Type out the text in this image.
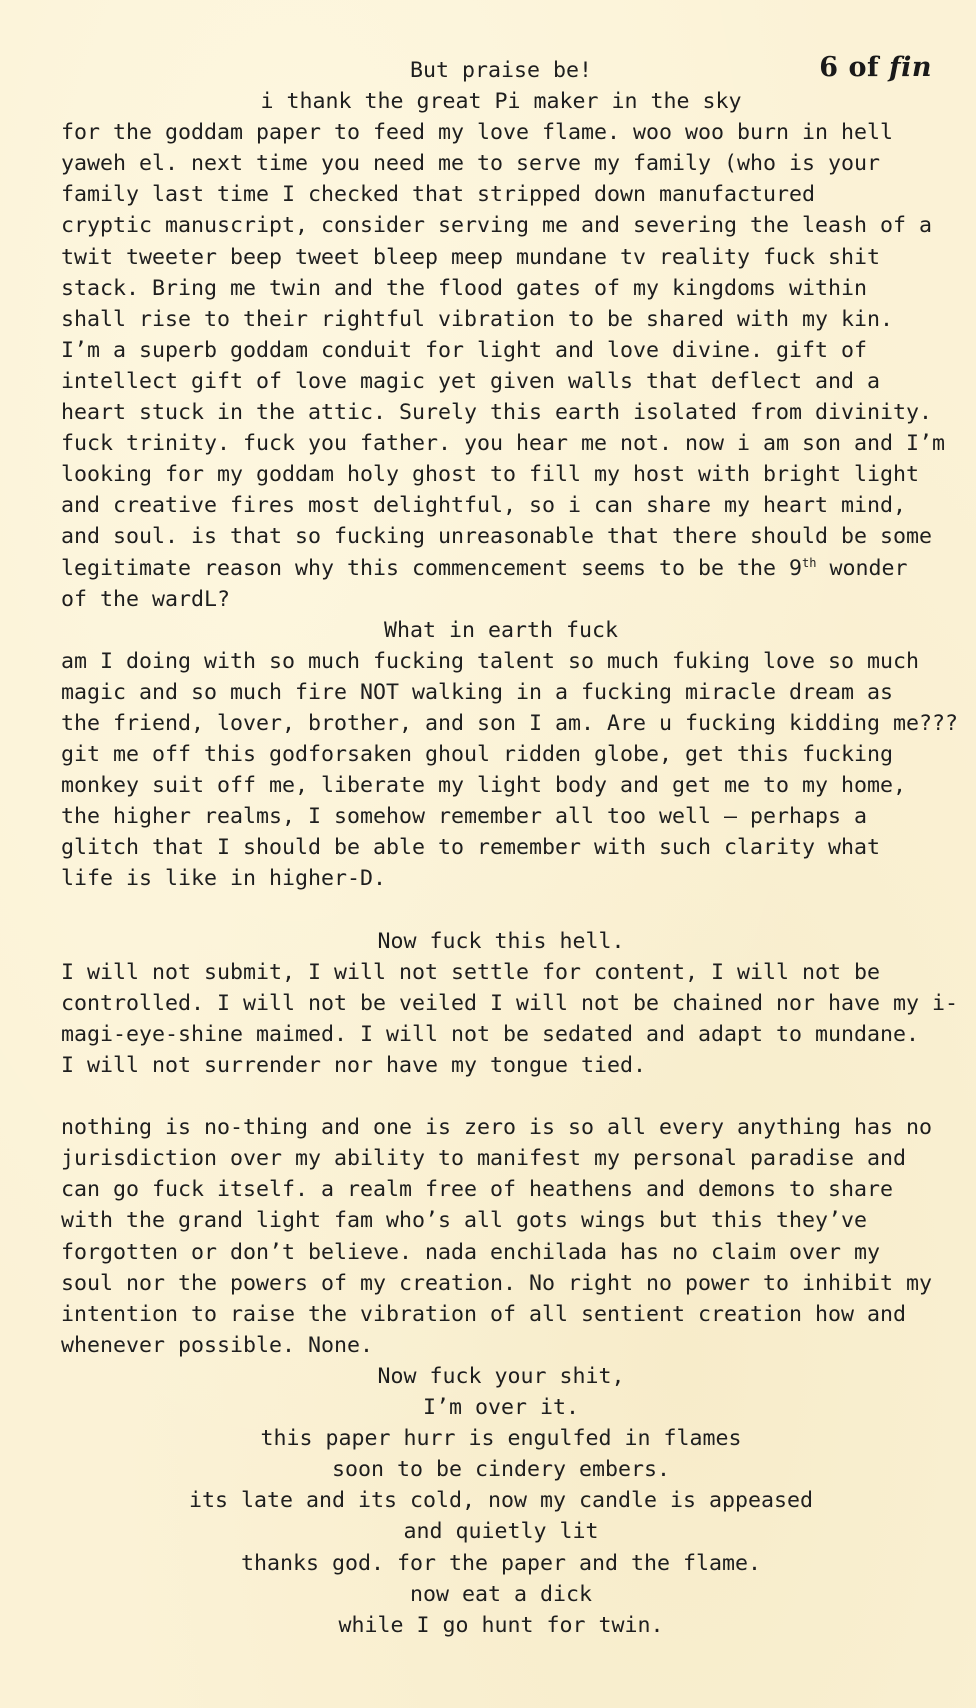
6 of fin
But praise be!
i thank the great Pi maker in the sky
for the goddam paper to feed my love flame. woo woo burn in hell
yaweh el. next time you need me to serve my family (who is your
family last time I checked that stripped down manufactured
cryptic manuscript, consider serving me and severing the leash of a
twit tweeter beep tweet bleep meep mundane tv reality fuck shit
stack. Bring me twin and the flood gates of my kingdoms within
shall rise to their rightful vibration to be shared with my kin.
I’m a superb goddam conduit for light and love divine. gift of
intellect gift of love magic yet given walls that deflect and a
heart stuck in the attic. Surely this earth isolated from divinity.
fuck trinity. fuck you father. you hear me not. now i am son and I’m
looking for my goddam holy ghost to fill my host with bright light
and creative fires most delightful, so i can share my heart mind,
and soul. is that so fucking unreasonable that there should be some
legitimate reason why this commencement seems to be the 9th wonder
of the wardL?
What in earth fuck
am I doing with so much fucking talent so much fuking love so much
magic and so much fire NOT walking in a fucking miracle dream as
the friend, lover, brother, and son I am. Are u fucking kidding me???
git me off this godforsaken ghoul ridden globe, get this fucking
monkey suit off me, liberate my light body and get me to my home,
the higher realms, I somehow remember all too well – perhaps a
glitch that I should be able to remember with such clarity what
life is like in higher-D.
Now fuck this hell.
I will not submit, I will not settle for content, I will not be
controlled. I will not be veiled I will not be chained nor have my i-
magi-eye-shine maimed. I will not be sedated and adapt to mundane.
I will not surrender nor have my tongue tied.
nothing is no-thing and one is zero is so all every anything has no
jurisdiction over my ability to manifest my personal paradise and
can go fuck itself. a realm free of heathens and demons to share
with the grand light fam who’s all gots wings but this they’ve
forgotten or don’t believe. nada enchilada has no claim over my
soul nor the powers of my creation. No right no power to inhibit my
intention to raise the vibration of all sentient creation how and
whenever possible. None.
Now fuck your shit,
I’m over it.
this paper hurr is engulfed in flames
soon to be cindery embers.
its late and its cold, now my candle is appeased
and quietly lit
thanks god. for the paper and the flame.
now eat a dick
while I go hunt for twin.
